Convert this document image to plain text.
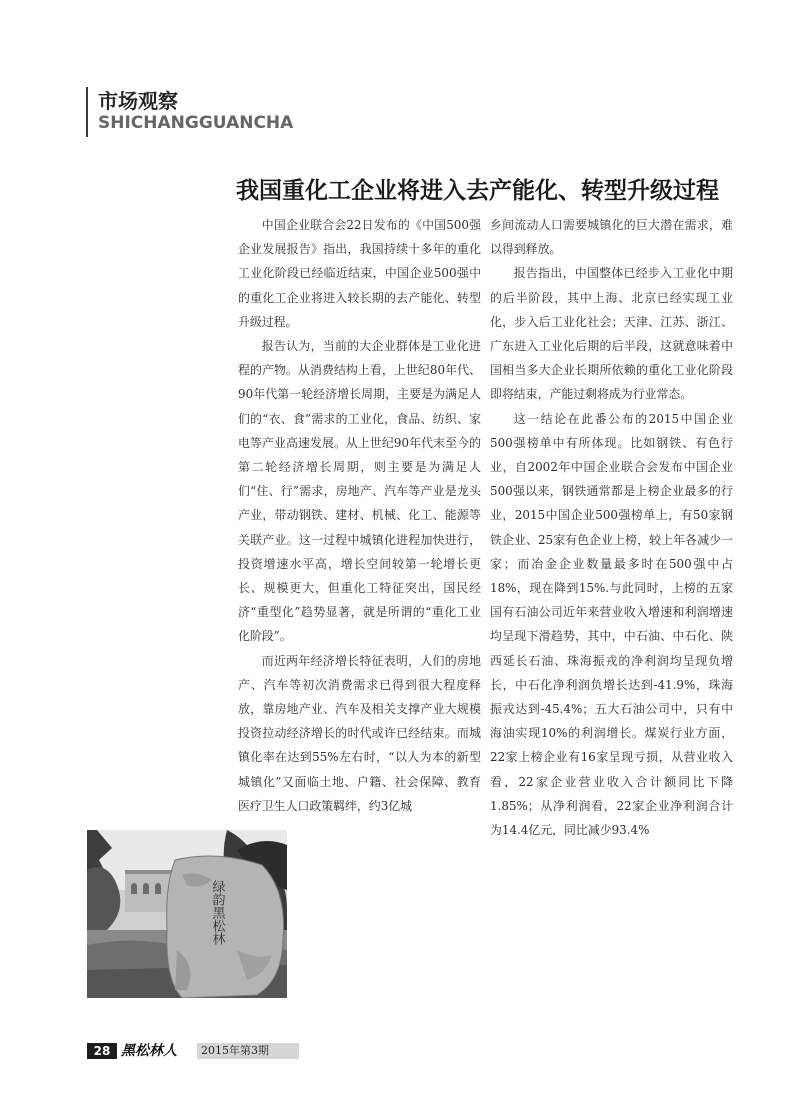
市场观察
SHICHANGGUANCHA
我国重化工企业将进入去产能化、转型升级过程

中国企业联合会22日发布的《中国500强企业发展报告》指出，我国持续十多年的重化工业化阶段已经临近结束，中国企业500强中的重化工企业将进入较长期的去产能化、转型升级过程。

报告认为，当前的大企业群体是工业化进程的产物。从消费结构上看，上世纪80年代、90年代第一轮经济增长周期，主要是为满足人们的“衣、食”需求的工业化，食品、纺织、家电等产业高速发展。从上世纪90年代末至今的第二轮经济增长周期，则主要是为满足人们“住、行”需求，房地产、汽车等产业是龙头产业，带动钢铁、建材、机械、化工、能源等关联产业。这一过程中城镇化进程加快进行，投资增速水平高，增长空间较第一轮增长更长、规模更大，但重化工特征突出，国民经济“重型化”趋势显著，就是所谓的“重化工业化阶段”。

而近两年经济增长特征表明，人们的房地产、汽车等初次消费需求已得到很大程度释放，靠房地产业、汽车及相关支撑产业大规模投资拉动经济增长的时代或许已经结束。而城镇化率在达到55%左右时，“以人为本的新型城镇化”又面临土地、户籍、社会保障、教育医疗卫生人口政策羁绊，约3亿城

乡间流动人口需要城镇化的巨大潜在需求，难以得到释放。

报告指出，中国整体已经步入工业化中期的后半阶段，其中上海、北京已经实现工业化，步入后工业化社会；天津、江苏、浙江、广东进入工业化后期的后半段，这就意味着中国相当多大企业长期所依赖的重化工业化阶段即将结束，产能过剩将成为行业常态。

这一结论在此番公布的2015中国企业500强榜单中有所体现。比如钢铁、有色行业，自2002年中国企业联合会发布中国企业500强以来，钢铁通常都是上榜企业最多的行业，2015中国企业500强榜单上，有50家钢铁企业、25家有色企业上榜，较上年各减少一家；而冶金企业数量最多时在500强中占18%，现在降到15%.与此同时，上榜的五家国有石油公司近年来营业收入增速和利润增速均呈现下滑趋势，其中，中石油、中石化、陕西延长石油、珠海振戎的净利润均呈现负增长，中石化净利润负增长达到-41.9%，珠海振戎达到-45.4%；五大石油公司中，只有中海油实现10%的利润增长。煤炭行业方面，22家上榜企业有16家呈现亏损，从营业收入看，22家企业营业收入合计额同比下降1.85%；从净利润看，22家企业净利润合计为14.4亿元，同比减少93.4%

绿韵黑松林
28 黑松林人	2015年第3期
